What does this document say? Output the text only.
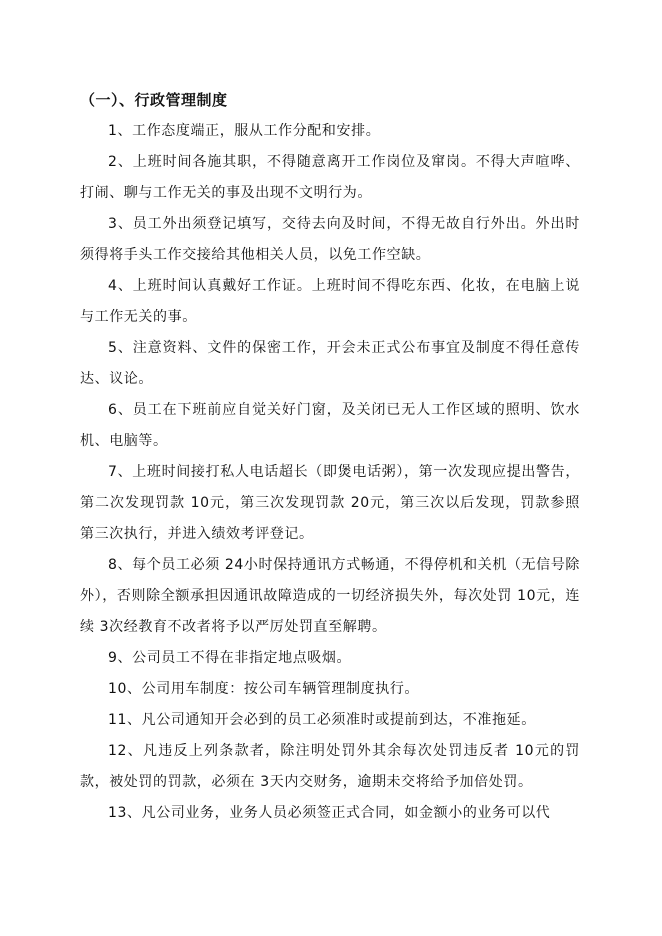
（一）、行政管理制度

1、工作态度端正，服从工作分配和安排。

2、上班时间各施其职，不得随意离开工作岗位及窜岗。不得大声喧哗、打闹、聊与工作无关的事及出现不文明行为。

3、员工外出须登记填写，交待去向及时间，不得无故自行外出。外出时须得将手头工作交接给其他相关人员，以免工作空缺。

4、上班时间认真戴好工作证。上班时间不得吃东西、化妆，在电脑上说与工作无关的事。

5、注意资料、文件的保密工作，开会未正式公布事宜及制度不得任意传达、议论。

6、员工在下班前应自觉关好门窗，及关闭已无人工作区域的照明、饮水机、电脑等。

7、上班时间接打私人电话超长（即煲电话粥），第一次发现应提出警告，第二次发现罚款 10元，第三次发现罚款 20元，第三次以后发现，罚款参照第三次执行，并进入绩效考评登记。

8、每个员工必须 24小时保持通讯方式畅通，不得停机和关机（无信号除外），否则除全额承担因通讯故障造成的一切经济损失外，每次处罚 10元，连续 3次经教育不改者将予以严厉处罚直至解聘。

9、公司员工不得在非指定地点吸烟。

10、公司用车制度：按公司车辆管理制度执行。

11、凡公司通知开会必到的员工必须准时或提前到达，不准拖延。

12、凡违反上列条款者，除注明处罚外其余每次处罚违反者 10元的罚款，被处罚的罚款，必须在 3天内交财务，逾期未交将给予加倍处罚。

13、凡公司业务，业务人员必须签正式合同，如金额小的业务可以代
